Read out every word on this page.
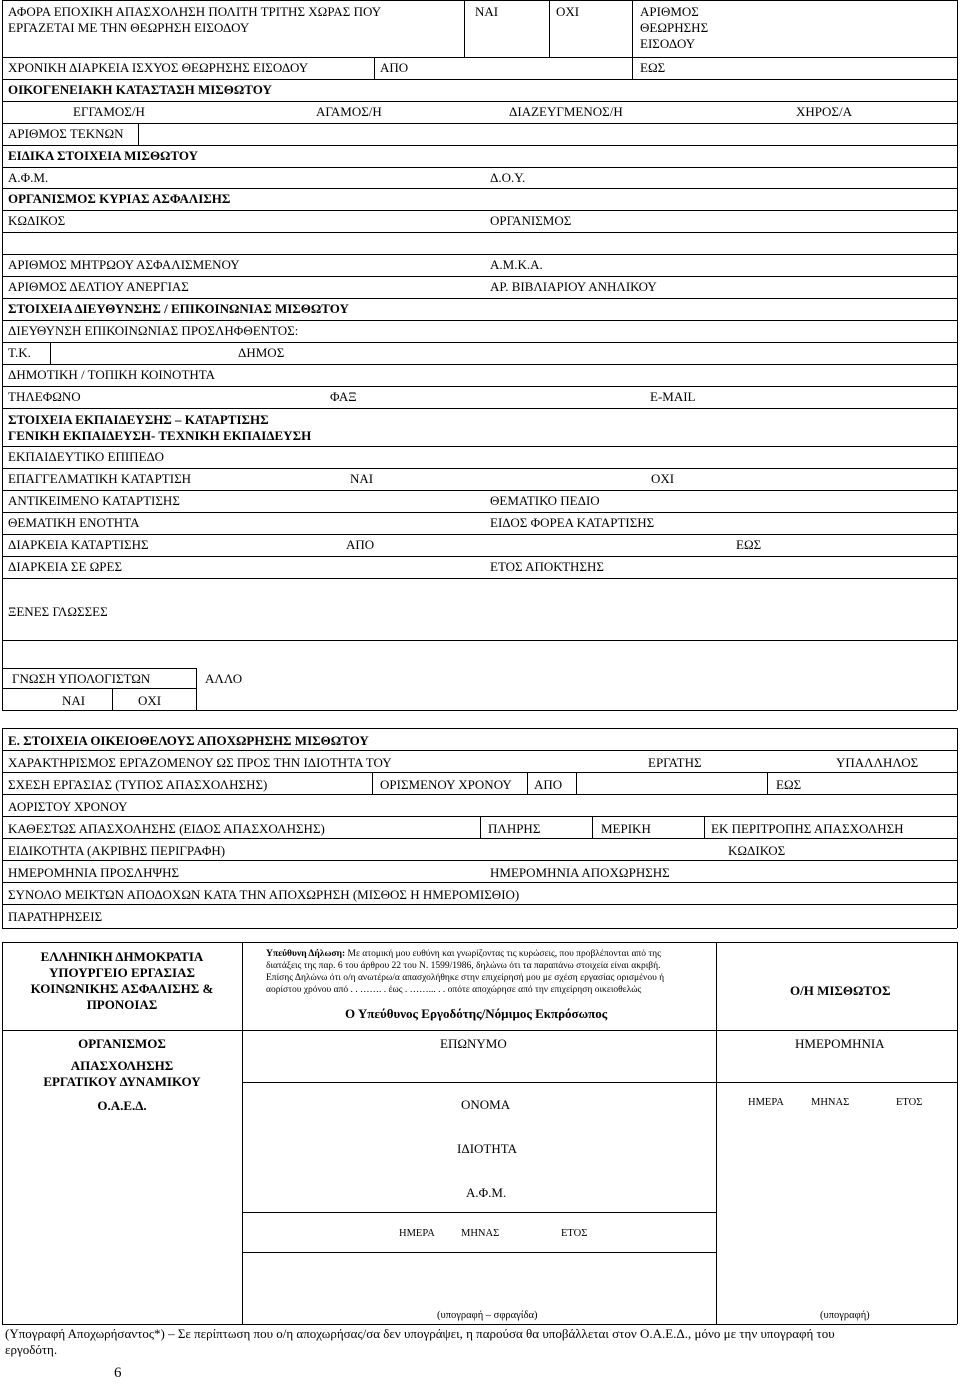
ΑΦΟΡΑ ΕΠΟΧΙΚΗ ΑΠΑΣΧΟΛΗΣΗ ΠΟΛΙΤΗ ΤΡΙΤΗΣ ΧΩΡΑΣ ΠΟΥ
ΕΡΓΑΖΕΤΑΙ ΜΕ ΤΗΝ ΘΕΩΡΗΣΗ ΕΙΣΟΔΟΥ
ΝΑΙ	ΟΧΙ	ΑΡΙΘΜΟΣ
ΘΕΩΡΗΣΗΣ
ΕΙΣΟΔΟΥ
ΧΡΟΝΙΚΗ ΔΙΑΡΚΕΙΑ ΙΣΧΥΟΣ ΘΕΩΡΗΣΗΣ ΕΙΣΟΔΟΥ	ΑΠΟ	ΕΩΣ
ΟΙΚΟΓΕΝΕΙΑΚΗ ΚΑΤΑΣΤΑΣΗ ΜΙΣΘΩΤΟΥ
ΕΓΓΑΜΟΣ/Η	ΑΓΑΜΟΣ/Η	ΔΙΑΖΕΥΓΜΕΝΟΣ/Η	ΧΗΡΟΣ/Α
ΑΡΙΘΜΟΣ ΤΕΚΝΩΝ
ΕΙΔΙΚΑ ΣΤΟΙΧΕΙΑ ΜΙΣΘΩΤΟΥ
Α.Φ.Μ.	Δ.Ο.Υ.
ΟΡΓΑΝΙΣΜΟΣ ΚΥΡΙΑΣ ΑΣΦΑΛΙΣΗΣ
ΚΩΔΙΚΟΣ	ΟΡΓΑΝΙΣΜΟΣ
ΑΡΙΘΜΟΣ ΜΗΤΡΩΟΥ ΑΣΦΑΛΙΣΜΕΝΟΥ	Α.Μ.Κ.Α.
ΑΡΙΘΜΟΣ ΔΕΛΤΙΟΥ ΑΝΕΡΓΙΑΣ	ΑΡ. ΒΙΒΛΙΑΡΙΟΥ ΑΝΗΛΙΚΟΥ
ΣΤΟΙΧΕΙΑ ΔΙΕΥΘΥΝΣΗΣ / ΕΠΙΚΟΙΝΩΝΙΑΣ ΜΙΣΘΩΤΟΥ
ΔΙΕΥΘΥΝΣΗ ΕΠΙΚΟΙΝΩΝΙΑΣ ΠΡΟΣΛΗΦΘΕΝΤΟΣ:
Τ.Κ.	ΔΗΜΟΣ
ΔΗΜΟΤΙΚΗ / ΤΟΠΙΚΗ ΚΟΙΝΟΤΗΤΑ
ΤΗΛΕΦΩΝΟ	ΦΑΞ	E-MAIL
ΣΤΟΙΧΕΙΑ ΕΚΠΑΙΔΕΥΣΗΣ – ΚΑΤΑΡΤΙΣΗΣ
ΓΕΝΙΚΗ ΕΚΠΑΙΔΕΥΣΗ- ΤΕΧΝΙΚΗ ΕΚΠΑΙΔΕΥΣΗ
ΕΚΠΑΙΔΕΥΤΙΚΟ ΕΠΙΠΕΔΟ
ΕΠΑΓΓΕΛΜΑΤΙΚΗ ΚΑΤΑΡΤΙΣΗ	ΝΑΙ	ΟΧΙ
ΑΝΤΙΚΕΙΜΕΝΟ ΚΑΤΑΡΤΙΣΗΣ	ΘΕΜΑΤΙΚΟ ΠΕΔΙΟ
ΘΕΜΑΤΙΚΗ ΕΝΟΤΗΤΑ	ΕΙΔΟΣ ΦΟΡΕΑ ΚΑΤΑΡΤΙΣΗΣ
ΔΙΑΡΚΕΙΑ ΚΑΤΑΡΤΙΣΗΣ	ΑΠΟ	ΕΩΣ
ΔΙΑΡΚΕΙΑ ΣΕ ΩΡΕΣ	ΕΤΟΣ ΑΠΟΚΤΗΣΗΣ
ΞΕΝΕΣ ΓΛΩΣΣΕΣ
ΓΝΩΣΗ ΥΠΟΛΟΓΙΣΤΩΝ	ΑΛΛΟ
ΝΑΙ	ΟΧΙ
Ε. ΣΤΟΙΧΕΙΑ ΟΙΚΕΙΟΘΕΛΟΥΣ ΑΠΟΧΩΡΗΣΗΣ ΜΙΣΘΩΤΟΥ
ΧΑΡΑΚΤΗΡΙΣΜΟΣ ΕΡΓΑΖΟΜΕΝΟΥ ΩΣ ΠΡΟΣ ΤΗΝ ΙΔΙΟΤΗΤΑ ΤΟΥ	ΕΡΓΑΤΗΣ	ΥΠΑΛΛΗΛΟΣ
ΣΧΕΣΗ ΕΡΓΑΣΙΑΣ (ΤΥΠΟΣ ΑΠΑΣΧΟΛΗΣΗΣ)	ΟΡΙΣΜΕΝΟΥ ΧΡΟΝΟΥ ΑΠΟ	ΕΩΣ
ΑΟΡΙΣΤΟΥ ΧΡΟΝΟΥ
ΚΑΘΕΣΤΩΣ ΑΠΑΣΧΟΛΗΣΗΣ (ΕΙΔΟΣ ΑΠΑΣΧΟΛΗΣΗΣ)	ΠΛΗΡΗΣ	ΜΕΡΙΚΗ	ΕΚ ΠΕΡΙΤΡΟΠΗΣ ΑΠΑΣΧΟΛΗΣΗ
ΕΙΔΙΚΟΤΗΤΑ (ΑΚΡΙΒΗΣ ΠΕΡΙΓΡΑΦΗ)	ΚΩΔΙΚΟΣ
ΗΜΕΡΟΜΗΝΙΑ ΠΡΟΣΛΗΨΗΣ	ΗΜΕΡΟΜΗΝΙΑ ΑΠΟΧΩΡΗΣΗΣ
ΣΥΝΟΛΟ ΜΕΙΚΤΩΝ ΑΠΟΔΟΧΩΝ ΚΑΤΑ ΤΗΝ ΑΠΟΧΩΡΗΣΗ (ΜΙΣΘΟΣ Η ΗΜΕΡΟΜΙΣΘΙΟ)
ΠΑΡΑΤΗΡΗΣΕΙΣ
ΕΛΛΗΝΙΚΗ ΔΗΜΟΚΡΑΤΙΑ
ΥΠΟΥΡΓΕΙΟ ΕΡΓΑΣΙΑΣ
ΚΟΙΝΩΝΙΚΗΣ ΑΣΦΑΛΙΣΗΣ &
ΠΡΟΝΟΙΑΣ
ΟΡΓΑΝΙΣΜΟΣ
ΑΠΑΣΧΟΛΗΣΗΣ
ΕΡΓΑΤΙΚΟΥ ΔΥΝΑΜΙΚΟΥ
Ο.Α.Ε.Δ.
Υπεύθυνη Δήλωση: Με ατομική μου ευθύνη και γνωρίζοντας τις κυρώσεις, που προβλέπονται από της
διατάξεις της παρ. 6 του άρθρου 22 του Ν. 1599/1986, δηλώνω ότι τα παραπάνω στοιχεία είναι ακριβή.
Επίσης Δηλώνω ότι ο/η ανωτέρω/α απασχολήθηκε στην επιχείρησή μου με σχέση εργασίας ορισμένου ή
αορίστου χρόνου από . . ……. . έως . ……... . . οπότε αποχώρησε από την επιχείρηση οικειοθελώς
Ο Υπεύθυνος Εργοδότης/Νόμιμος Εκπρόσωπος
Ο/Η ΜΙΣΘΩΤΟΣ
ΕΠΩΝΥΜΟ	ΗΜΕΡΟΜΗΝΙΑ
ΟΝΟΜΑ	ΗΜΕΡΑ	ΜΗΝΑΣ	ΕΤΟΣ
ΙΔΙΟΤΗΤΑ
Α.Φ.Μ.
ΗΜΕΡΑ ΜΗΝΑΣ	ΕΤΟΣ
(υπογραφή – σφραγίδα)	(υπογραφή)
(Υπογραφή Αποχωρήσαντος*) – Σε περίπτωση που ο/η αποχωρήσας/σα δεν υπογράψει, η παρούσα θα υποβάλλεται στον Ο.Α.Ε.Δ., μόνο με την υπογραφή του
εργοδότη.
6
